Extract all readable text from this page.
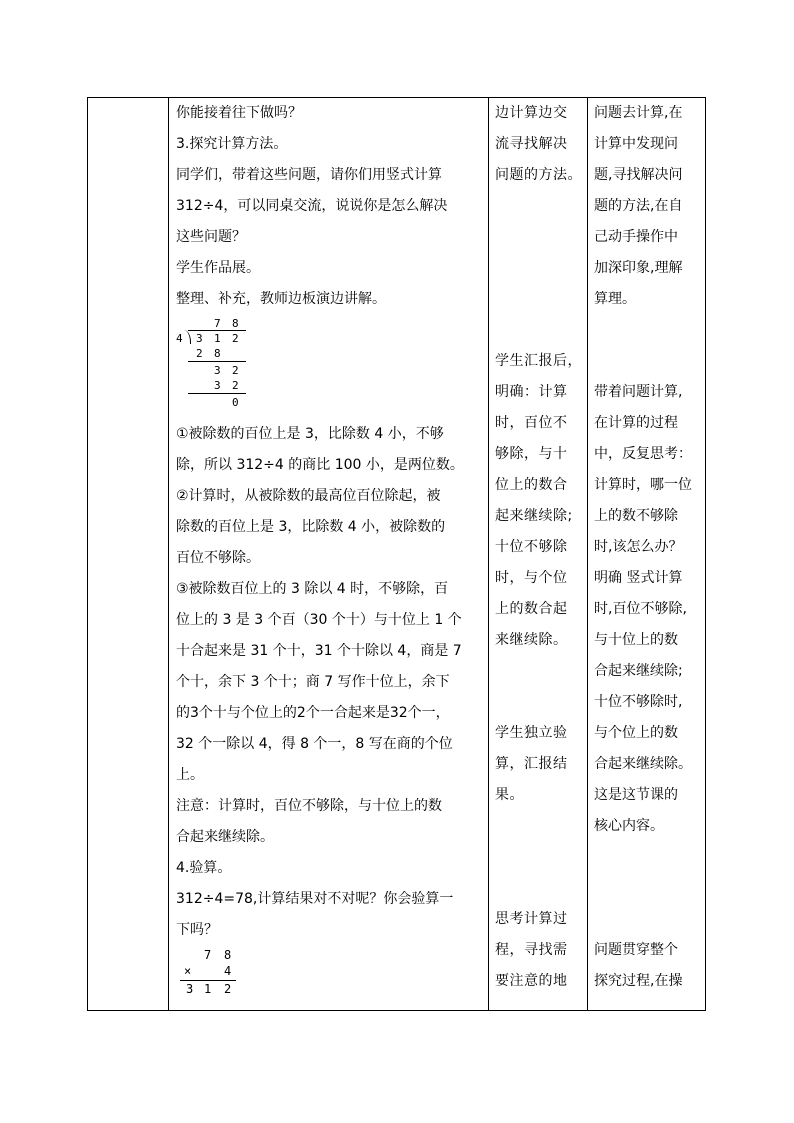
你能接着往下做吗？
3.探究计算方法。
同学们，带着这些问题，请你们用竖式计算
312÷4，可以同桌交流，说说你是怎么解决
这些问题？
学生作品展。
整理、补充，教师边板演边讲解。
7 8
4 3 1 2
2 8
3 2
3 2
0
①被除数的百位上是 3，比除数 4 小，不够
除，所以 312÷4 的商比 100 小，是两位数。
②计算时，从被除数的最高位百位除起，被
除数的百位上是 3，比除数 4 小，被除数的
百位不够除。
③被除数百位上的 3 除以 4 时，不够除，百
位上的 3 是 3 个百（30 个十）与十位上 1 个
十合起来是 31 个十，31 个十除以 4，商是 7
个十，余下 3 个十；商 7 写作十位上，余下
的3个十与个位上的2个一合起来是32个一，
32 个一除以 4，得 8 个一，8 写在商的个位
上。
注意：计算时，百位不够除，与十位上的数
合起来继续除。
4.验算。
312÷4=78,计算结果对不对呢？你会验算一
下吗？
7 8
×	4
3 1 2
边计算边交
流寻找解决
问题的方法。
学生汇报后，
明确：计算
时，百位不
够除，与十
位上的数合
起来继续除;
十位不够除
时，与个位
上的数合起
来继续除。
学生独立验
算，汇报结
果。
思考计算过
程，寻找需
要注意的地
问题去计算,在
计算中发现问
题,寻找解决问
题的方法,在自
己动手操作中
加深印象,理解
算理。
带着问题计算,
在计算的过程
中，反复思考：
计算时，哪一位
上的数不够除
时,该怎么办？
明确 竖式计算
时,百位不够除,
与十位上的数
合起来继续除;
十位不够除时,
与个位上的数
合起来继续除。
这是这节课的
核心内容。
问题贯穿整个
探究过程,在操
